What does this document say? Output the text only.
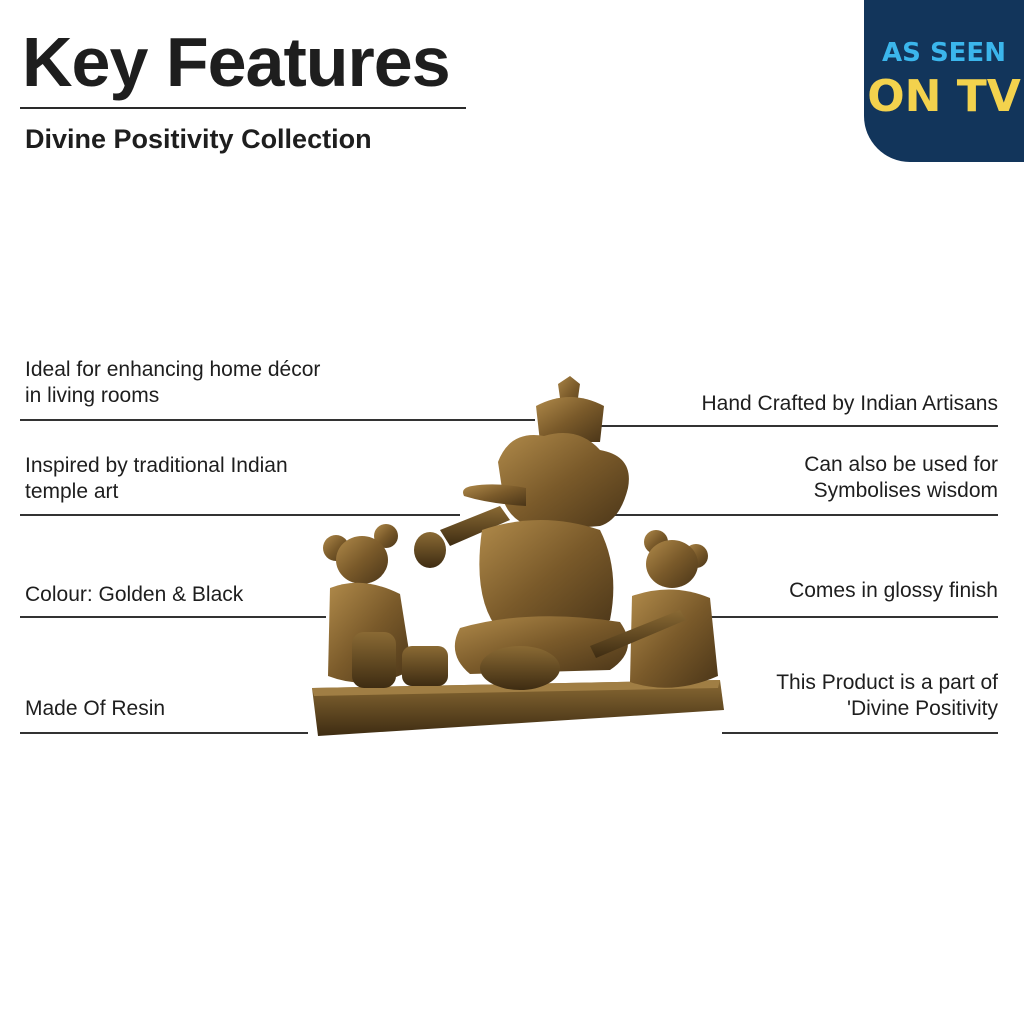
Key Features
Divine Positivity Collection
AS SEEN
ON TV
Ideal for enhancing home décor
in living rooms
Inspired by traditional Indian
temple art
Colour: Golden & Black
Made Of Resin
Hand Crafted by Indian Artisans
Can also be used for
Symbolises wisdom
Comes in glossy finish
This Product is a part of
'Divine Positivity
